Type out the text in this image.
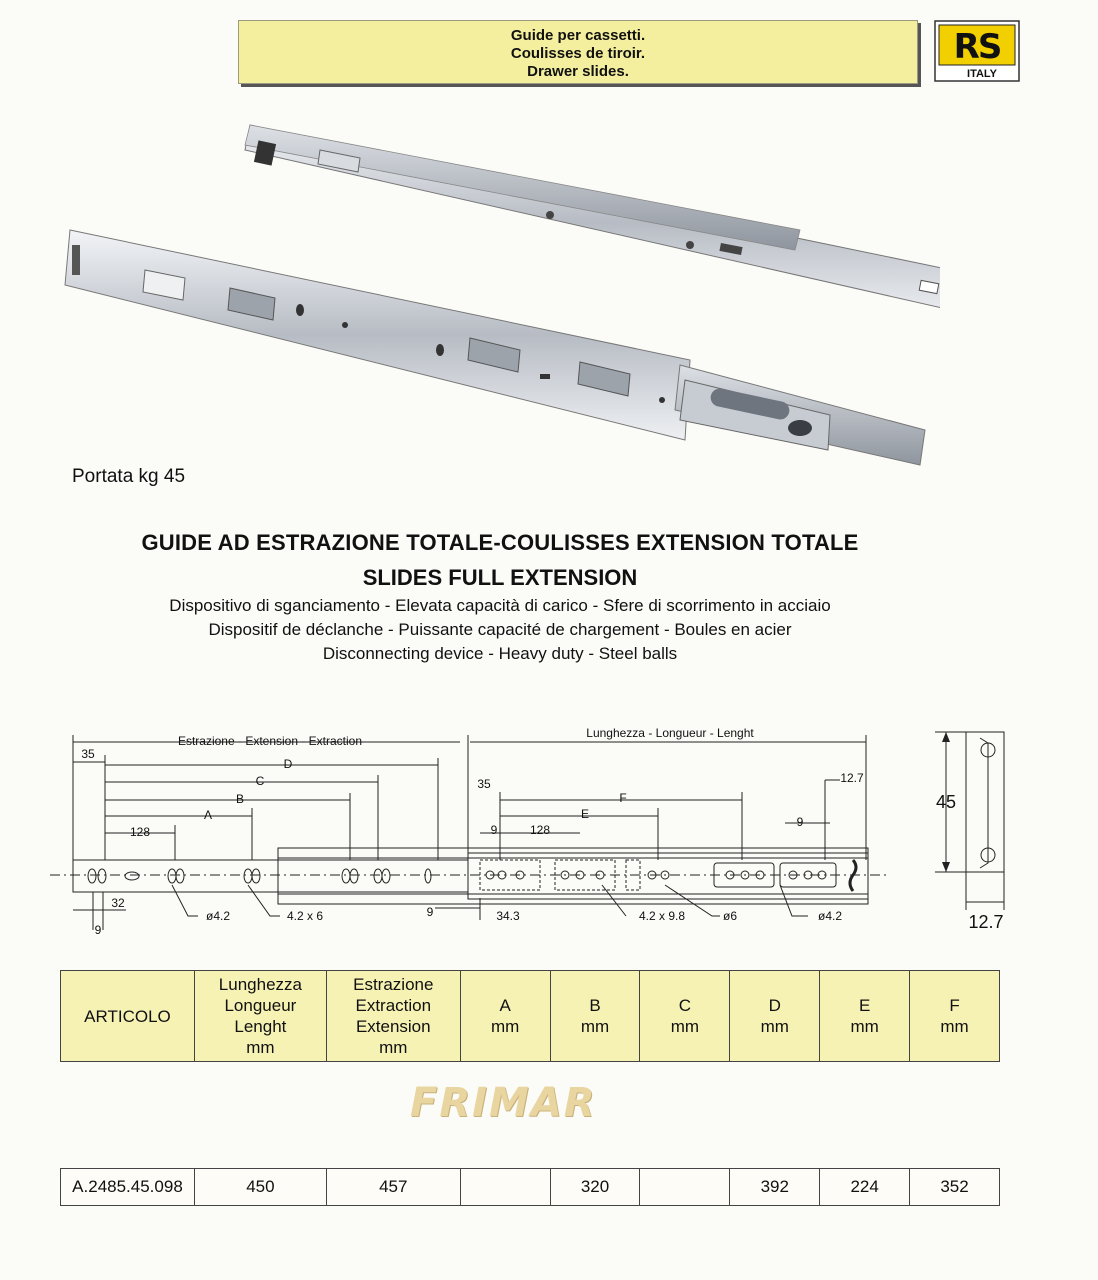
Guide per cassetti.
Coulisses de tiroir.
Drawer slides.
RS
ITALY
Portata kg 45
GUIDE AD ESTRAZIONE TOTALE-COULISSES EXTENSION TOTALE
SLIDES FULL EXTENSION
Dispositivo di sganciamento - Elevata capacità di carico - Sfere di scorrimento in acciaio
Dispositif de déclanche - Puissante capacité de chargement - Boules en acier
Disconnecting device - Heavy duty - Steel balls
Estrazione - Extension - Extraction
Lunghezza - Longueur - Lenght
35
D
C
B
A
128
35
F
12.7
E
9	128
9
32
ø4.2	4.2 x 6	9
9
34.3	4.2 x 9.8	ø6	ø4.2
45
12.7
ARTICOLO	Lunghezza
Longueur
Lenght
mm	Estrazione
Extraction
Extension
mm	A
mm	B
mm	C
mm	D
mm	E
mm	F
mm

A.2485.45.098	450	457		320		392	224	352
FRIMAR
